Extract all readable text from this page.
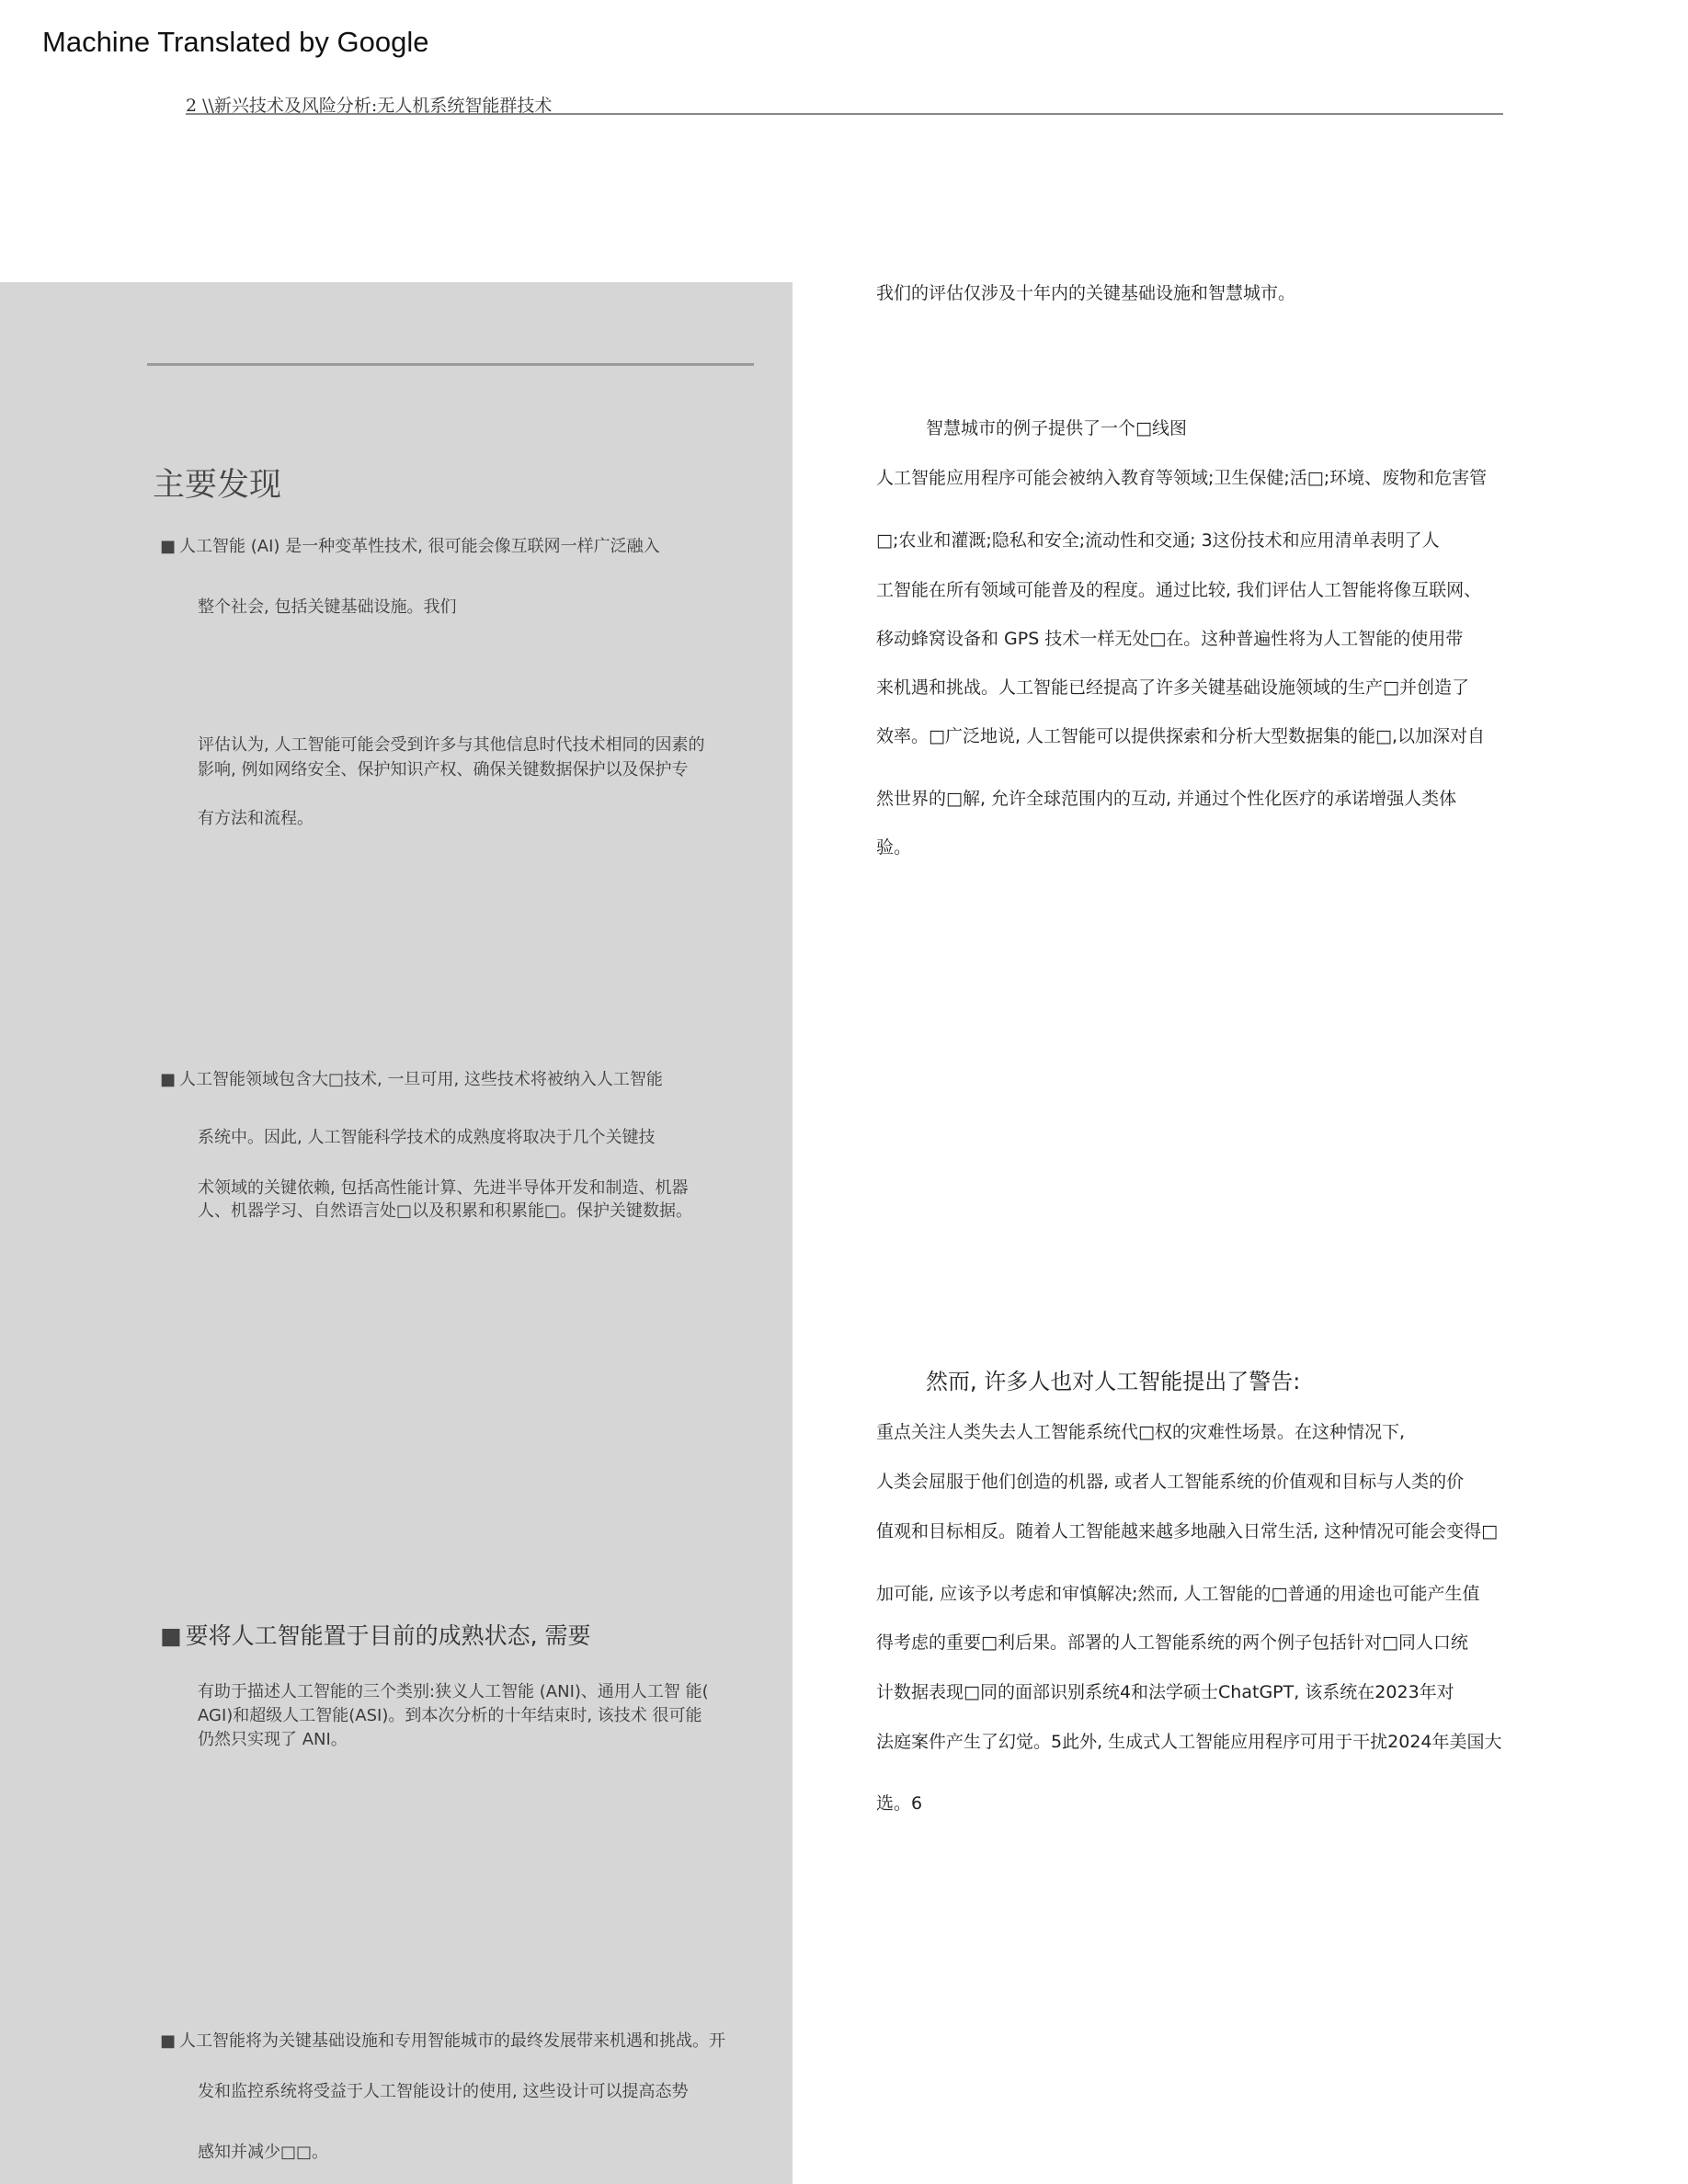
Machine Translated by Google
2 \\新兴技术及风险分析:无人机系统智能群技术
主要发现
■ 人工智能 (AI) 是一种变革性技术, 很可能会像互联网一样广泛融入
整个社会, 包括关键基础设施。我们
评估认为, 人工智能可能会受到许多与其他信息时代技术相同的因素的
影响, 例如网络安全、保护知识产权、确保关键数据保护以及保护专
有方法和流程。
■ 人工智能领域包含大□技术, 一旦可用, 这些技术将被纳入人工智能
系统中。因此, 人工智能科学技术的成熟度将取决于几个关键技
术领域的关键依赖, 包括高性能计算、先进半导体开发和制造、机器
人、机器学习、自然语言处□以及积累和积累能□。保护关键数据。
■ 要将人工智能置于目前的成熟状态, 需要
有助于描述人工智能的三个类别:狭义人工智能 (ANI)、通用人工智 能(
AGI)和超级人工智能(ASI)。到本次分析的十年结束时, 该技术 很可能
仍然只实现了 ANI。
■ 人工智能将为关键基础设施和专用智能城市的最终发展带来机遇和挑战。开
发和监控系统将受益于人工智能设计的使用, 这些设计可以提高态势
感知并减少□□。
我们的评估仅涉及十年内的关键基础设施和智慧城市。
智慧城市的例子提供了一个□线图
人工智能应用程序可能会被纳入教育等领域;卫生保健;活□;环境、废物和危害管
□;农业和灌溉;隐私和安全;流动性和交通; 3这份技术和应用清单表明了人
工智能在所有领域可能普及的程度。通过比较, 我们评估人工智能将像互联网、
移动蜂窝设备和 GPS 技术一样无处□在。这种普遍性将为人工智能的使用带
来机遇和挑战。人工智能已经提高了许多关键基础设施领域的生产□并创造了
效率。□广泛地说, 人工智能可以提供探索和分析大型数据集的能□,以加深对自
然世界的□解, 允许全球范围内的互动, 并通过个性化医疗的承诺增强人类体
验。
然而, 许多人也对人工智能提出了警告:
重点关注人类失去人工智能系统代□权的灾难性场景。在这种情况下,
人类会屈服于他们创造的机器, 或者人工智能系统的价值观和目标与人类的价
值观和目标相反。随着人工智能越来越多地融入日常生活, 这种情况可能会变得□
加可能, 应该予以考虑和审慎解决;然而, 人工智能的□普通的用途也可能产生值
得考虑的重要□利后果。部署的人工智能系统的两个例子包括针对□同人口统
计数据表现□同的面部识别系统4和法学硕士ChatGPT, 该系统在2023年对
法庭案件产生了幻觉。5此外, 生成式人工智能应用程序可用于干扰2024年美国大
选。6
